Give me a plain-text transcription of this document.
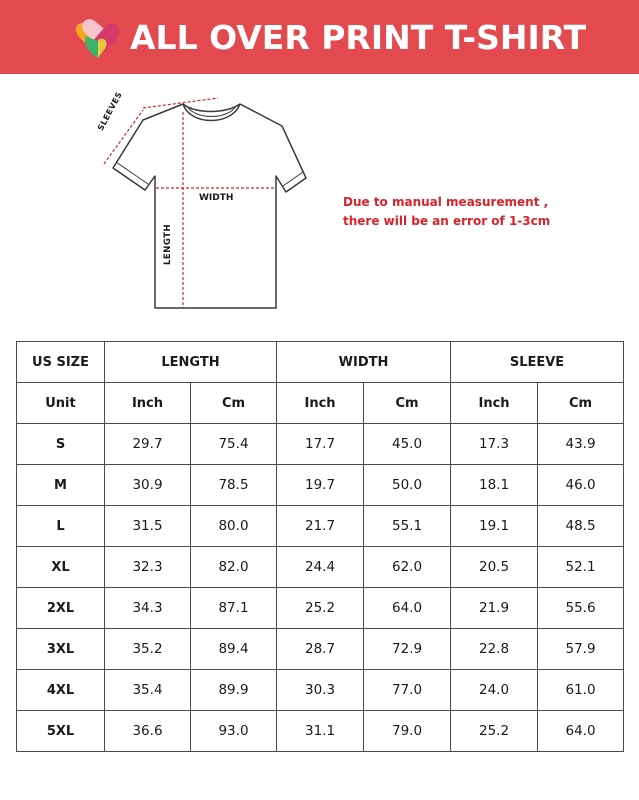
ALL OVER PRINT T-SHIRT
SLEEVES
WIDTH
LENGTH
Due to manual measurement ,
there will be an error of 1-3cm
US SIZE	LENGTH		WIDTH		SLEEVE	
Unit	Inch	Cm	Inch	Cm	Inch	Cm
S	29.7	75.4	17.7	45.0	17.3	43.9
M	30.9	78.5	19.7	50.0	18.1	46.0
L	31.5	80.0	21.7	55.1	19.1	48.5
XL	32.3	82.0	24.4	62.0	20.5	52.1
2XL	34.3	87.1	25.2	64.0	21.9	55.6
3XL	35.2	89.4	28.7	72.9	22.8	57.9
4XL	35.4	89.9	30.3	77.0	24.0	61.0
5XL	36.6	93.0	31.1	79.0	25.2	64.0
